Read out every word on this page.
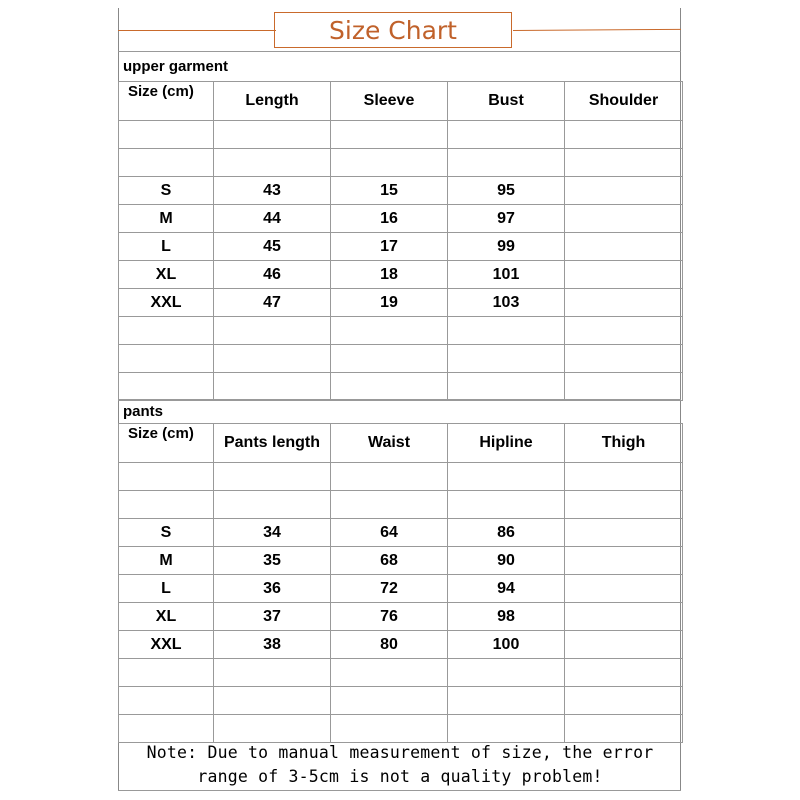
Size Chart
upper garment
Size (cm)	Length	Sleeve	Bust	Shoulder

S	43	15	95	
M	44	16	97	
L	45	17	99	
XL	46	18	101	
XXL	47	19	103	

pants
Size (cm)	Pants length	Waist	Hipline	Thigh

S	34	64	86	
M	35	68	90	
L	36	72	94	
XL	37	76	98	
XXL	38	80	100	

Note: Due to manual measurement of size, the error
range of 3-5cm is not a quality problem!
